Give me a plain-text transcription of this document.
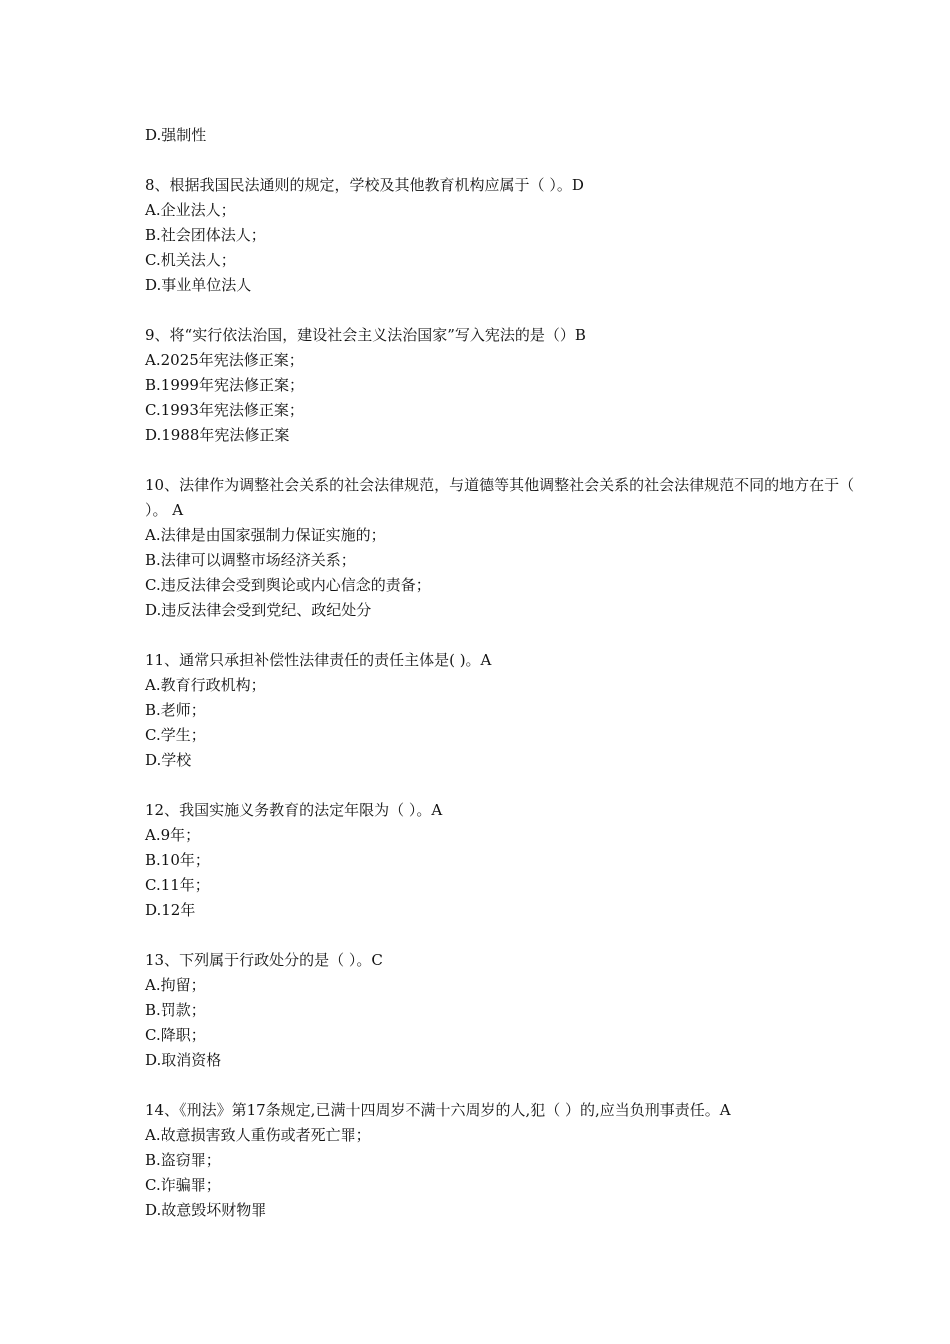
D.强制性
8、根据我国民法通则的规定，学校及其他教育机构应属于（ ）。D
A.企业法人；
B.社会团体法人；
C.机关法人；
D.事业单位法人
9、将“实行依法治国，建设社会主义法治国家”写入宪法的是（）B
A.2025年宪法修正案；
B.1999年宪法修正案；
C.1993年宪法修正案；
D.1988年宪法修正案
10、法律作为调整社会关系的社会法律规范，与道德等其他调整社会关系的社会法律规范不同的地方在于（ ）。 A
A.法律是由国家强制力保证实施的；
B.法律可以调整市场经济关系；
C.违反法律会受到舆论或内心信念的责备；
D.违反法律会受到党纪、政纪处分
11、通常只承担补偿性法律责任的责任主体是( )。A
A.教育行政机构；
B.老师；
C.学生；
D.学校
12、我国实施义务教育的法定年限为（ ）。A
A.9年；
B.10年；
C.11年；
D.12年
13、下列属于行政处分的是（ ）。C
A.拘留；
B.罚款；
C.降职；
D.取消资格
14、《刑法》第17条规定,已满十四周岁不满十六周岁的人,犯（ ）的,应当负刑事责任。A
A.故意损害致人重伤或者死亡罪；
B.盗窃罪；
C.诈骗罪；
D.故意毁坏财物罪
